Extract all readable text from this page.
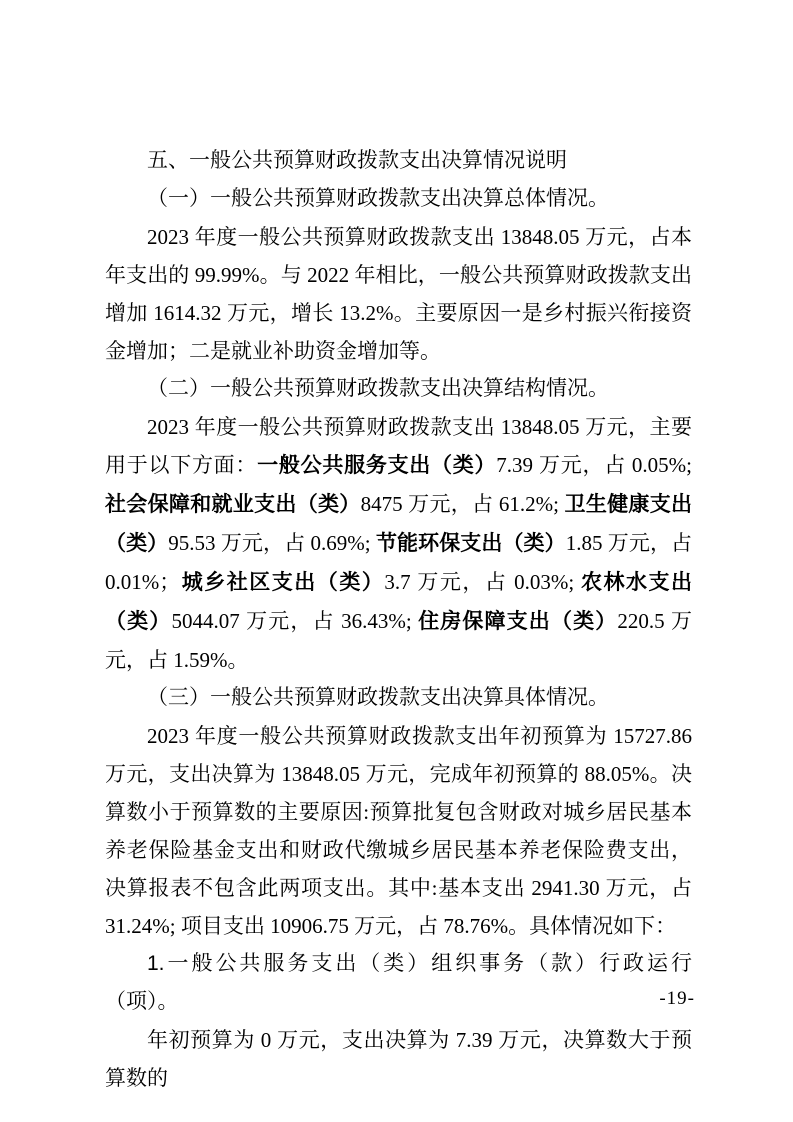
五、一般公共预算财政拨款支出决算情况说明
（一）一般公共预算财政拨款支出决算总体情况。

2023 年度一般公共预算财政拨款支出 13848.05 万元，占本年支出的 99.99%。与 2022 年相比，一般公共预算财政拨款支出增加 1614.32 万元，增长 13.2%。主要原因一是乡村振兴衔接资金增加；二是就业补助资金增加等。

（二）一般公共预算财政拨款支出决算结构情况。

2023 年度一般公共预算财政拨款支出 13848.05 万元，主要用于以下方面：一般公共服务支出（类）7.39 万元，占 0.05%;社会保障和就业支出（类）8475 万元，占 61.2%; 卫生健康支出（类）95.53 万元，占 0.69%; 节能环保支出（类）1.85 万元，占 0.01%；城乡社区支出（类）3.7 万元，占 0.03%; 农林水支出（类）5044.07 万元，占 36.43%; 住房保障支出（类）220.5 万元，占 1.59%。

（三）一般公共预算财政拨款支出决算具体情况。

2023 年度一般公共预算财政拨款支出年初预算为 15727.86 万元，支出决算为 13848.05 万元，完成年初预算的 88.05%。决算数小于预算数的主要原因:预算批复包含财政对城乡居民基本养老保险基金支出和财政代缴城乡居民基本养老保险费支出，决算报表不包含此两项支出。其中:基本支出 2941.30 万元，占 31.24%; 项目支出 10906.75 万元，占 78.76%。具体情况如下：

1.一般公共服务支出（类）组织事务（款）行政运行（项）。

年初预算为 0 万元，支出决算为 7.39 万元，决算数大于预算数的

-19-
